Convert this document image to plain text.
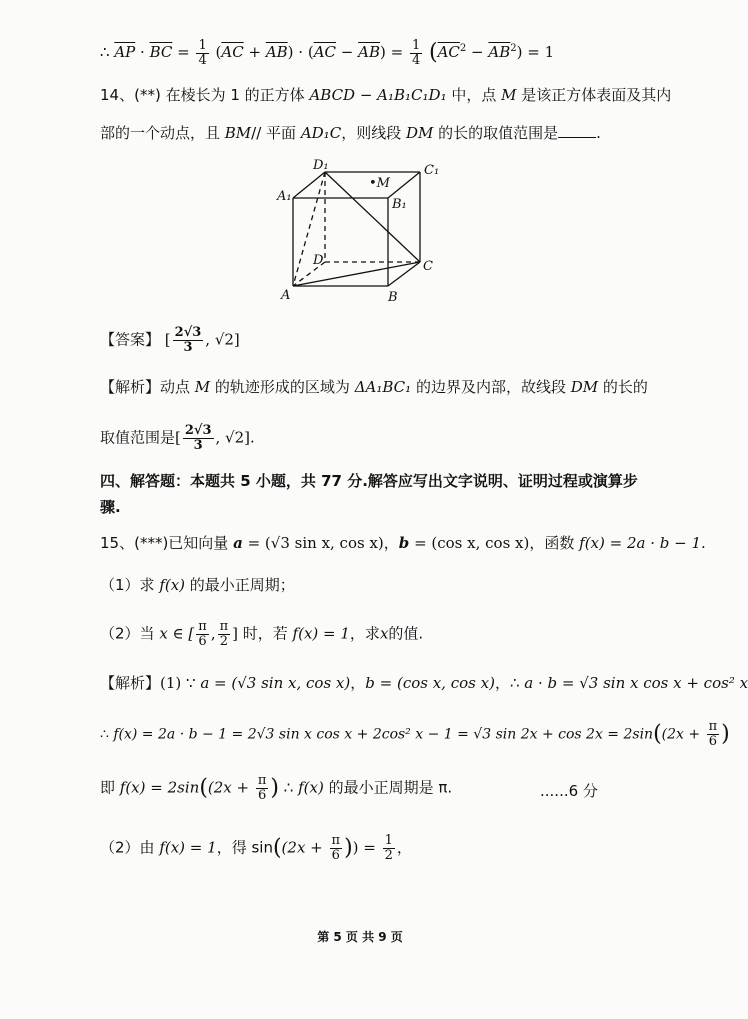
∴ $\overline{AP} \cdot \overline{BC} = \frac{1}{4} (\overline{AC} + \overline{AB}) \cdot (\overline{AC} - \overline{AB}) = \frac{1}{4} (\overline{AC}^2 - \overline{AB}^2) = 1$
14、(**) 在棱长为 1 的正方体 ABCD − A₁B₁C₁D₁ 中，点 M 是该正方体表面及其内
部的一个动点，且 BM// 平面 AD₁C，则线段 DM 的长的取值范围是	.
D₁	C₁
A₁
B₁
•M
D	C
A	B
【答案】 [ $\frac{2√3}{3}$ , √2]
【解析】动点 M 的轨迹形成的区域为 ΔA₁BC₁ 的边界及内部，故线段 DM 的长的
取值范围是[ $\frac{2√3}{3}$ , √2].
四、解答题：本题共 5 小题，共 77 分.解答应写出文字说明、证明过程或演算步
骤.
15、(***)已知向量 a = (√3 sin x, cos x)，b = (cos x, cos x)，函数 f(x) = 2a · b − 1.
（1）求 f(x) 的最小正周期；
（2）当 x ∈ [ $\frac{\pi}{6}$ , $\frac{\pi}{2}$ ] 时，若 f(x) = 1，求x的值.
【解析】(1) ∵ a = (√3 sin x, cos x)，b = (cos x, cos x)，∴ a · b = √3 sin x cos x + cos² x
∴ f(x) = 2a · b − 1 = 2√3 sin x cos x + 2cos² x − 1 = √3 $\sin 2x + \cos 2x = 2\sin((2x + \frac{\pi}{6}$ )
即 $f(x) = 2\sin((2x + \frac{\pi}{6}$ ) ∴ f(x) 的最小正周期是 π.	......6 分
（2）由 f(x) = 1，得 $\sin((2x + \frac{\pi}{6}$ )) = $\frac{1}{2}$ ，
第 5 页 共 9 页
